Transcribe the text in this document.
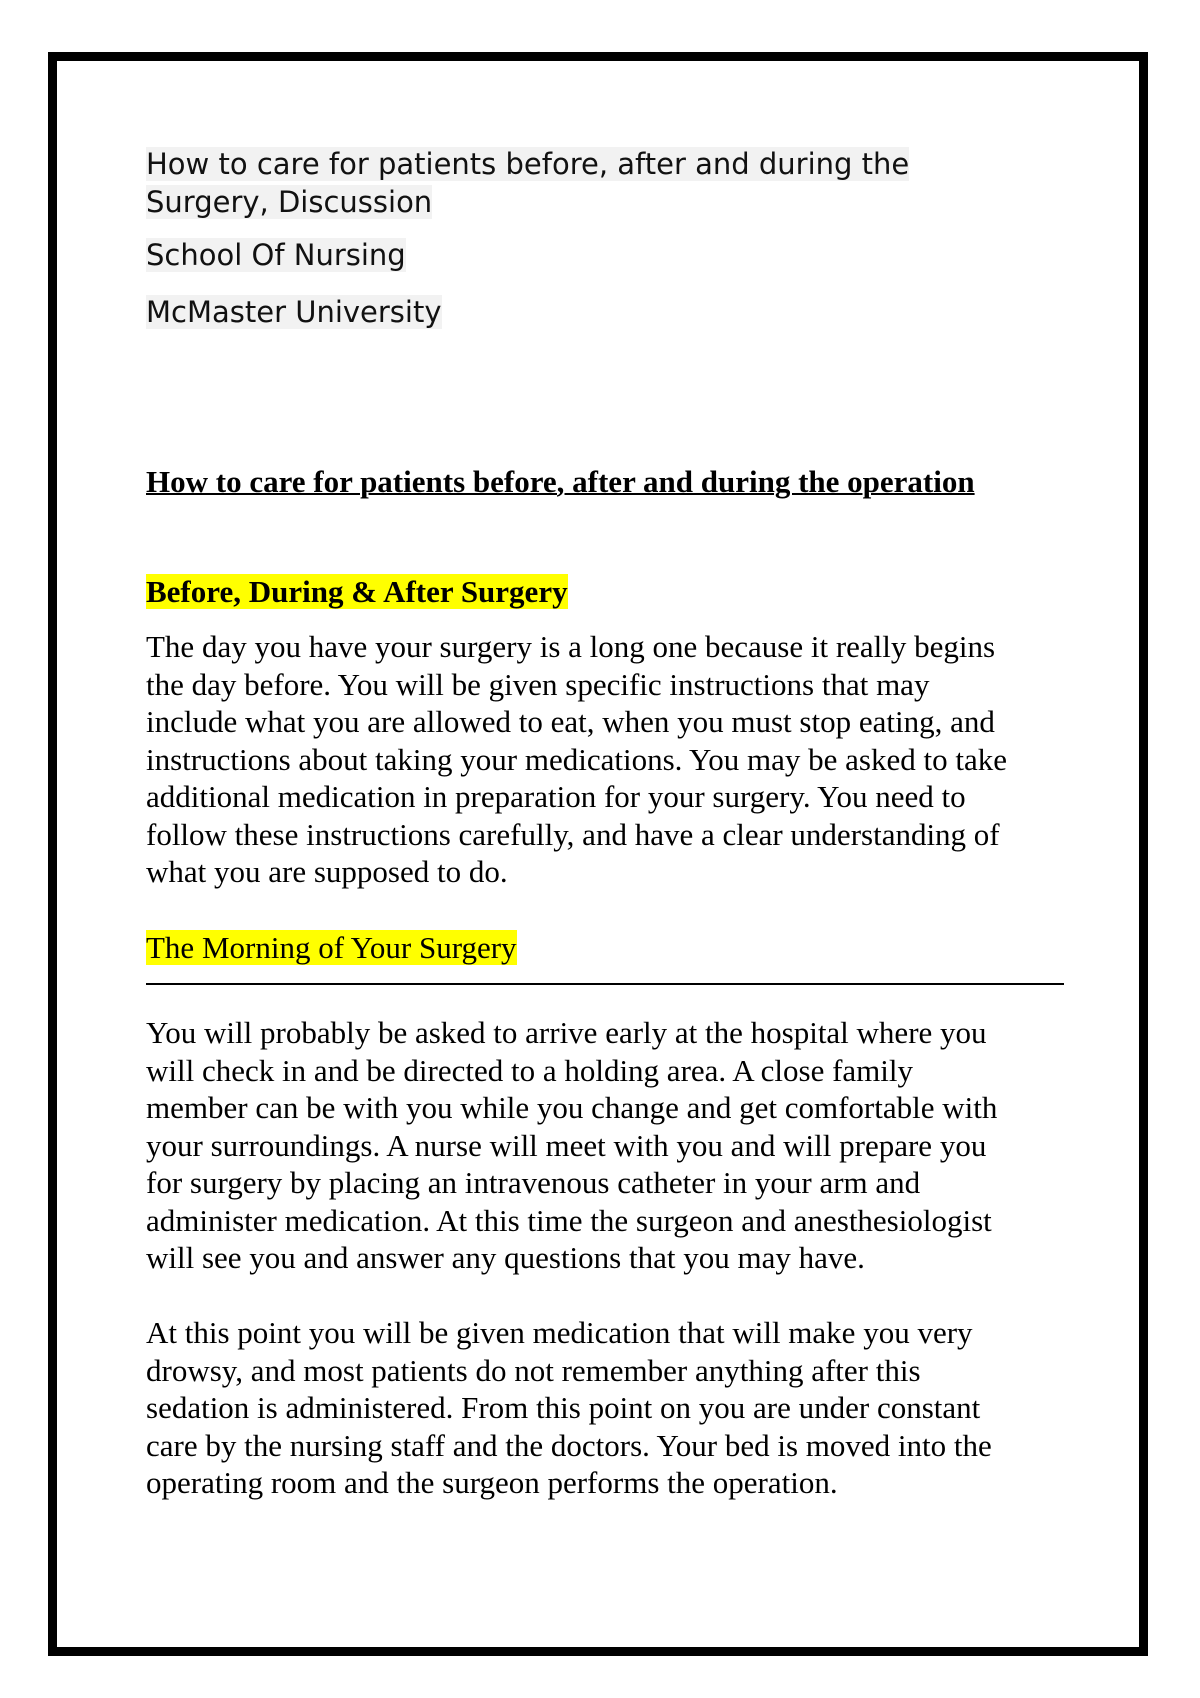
How to care for patients before, after and during the
Surgery, Discussion
School Of Nursing
McMaster University
How to care for patients before, after and during the operation
Before, During & After Surgery
The day you have your surgery is a long one because it really begins
the day before. You will be given specific instructions that may
include what you are allowed to eat, when you must stop eating, and
instructions about taking your medications. You may be asked to take
additional medication in preparation for your surgery. You need to
follow these instructions carefully, and have a clear understanding of
what you are supposed to do.
The Morning of Your Surgery
You will probably be asked to arrive early at the hospital where you
will check in and be directed to a holding area. A close family
member can be with you while you change and get comfortable with
your surroundings. A nurse will meet with you and will prepare you
for surgery by placing an intravenous catheter in your arm and
administer medication. At this time the surgeon and anesthesiologist
will see you and answer any questions that you may have.
At this point you will be given medication that will make you very
drowsy, and most patients do not remember anything after this
sedation is administered. From this point on you are under constant
care by the nursing staff and the doctors. Your bed is moved into the
operating room and the surgeon performs the operation.
